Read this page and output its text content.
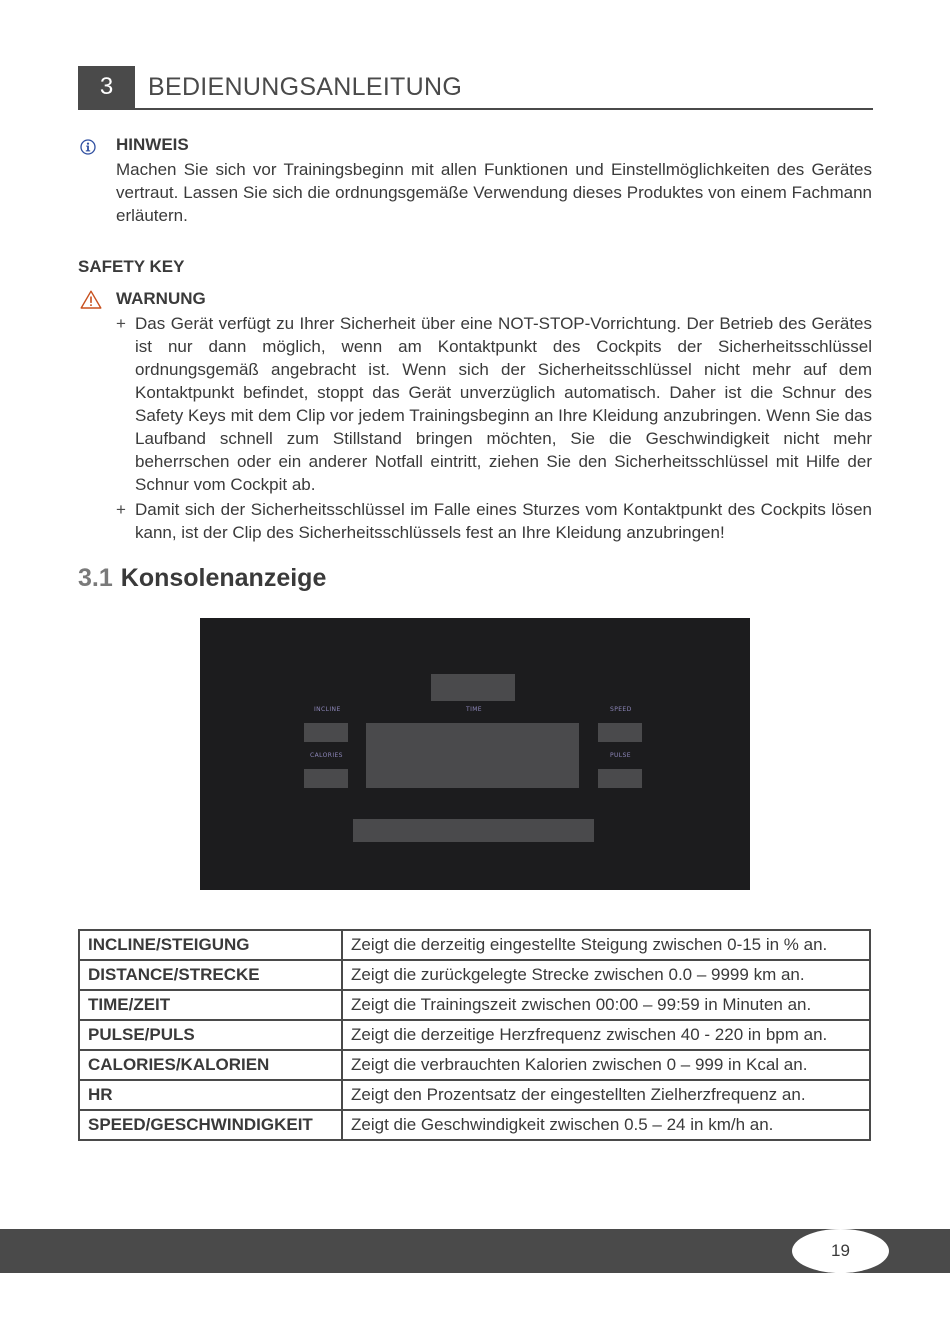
3	BEDIENUNGSANLEITUNG
HINWEIS
Machen Sie sich vor Trainingsbeginn mit allen Funktionen und Einstellmöglichkeiten des Gerätes vertraut. Lassen Sie sich die ordnungsgemäße Verwendung dieses Produktes von einem Fachmann erläutern.
SAFETY KEY
WARNUNG
+ Das Gerät verfügt zu Ihrer Sicherheit über eine NOT-STOP-Vorrichtung. Der Betrieb des Gerätes ist nur dann möglich, wenn am Kontaktpunkt des Cockpits der Sicherheitsschlüssel ordnungsgemäß angebracht ist. Wenn sich der Sicherheitsschlüssel nicht mehr auf dem Kontaktpunkt befindet, stoppt das Gerät unverzüglich automatisch. Daher ist die Schnur des Safety Keys mit dem Clip vor jedem Trainingsbeginn an Ihre Kleidung anzubringen. Wenn Sie das Laufband schnell zum Stillstand bringen möchten, Sie die Geschwindigkeit nicht mehr beherrschen oder ein anderer Notfall eintritt, ziehen Sie den Sicherheitsschlüssel mit Hilfe der Schnur vom Cockpit ab.
+ Damit sich der Sicherheitsschlüssel im Falle eines Sturzes vom Kontaktpunkt des Cockpits lösen kann, ist der Clip des Sicherheitsschlüssels fest an Ihre Kleidung anzubringen!
3.1 Konsolenanzeige
INCLINE	TIME	SPEED
CALORIES	PULSE
INCLINE/STEIGUNG	Zeigt die derzeitig eingestellte Steigung zwischen 0-15 in % an.
DISTANCE/STRECKE	Zeigt die zurückgelegte Strecke zwischen 0.0 – 9999 km an.
TIME/ZEIT	Zeigt die Trainingszeit zwischen 00:00 – 99:59 in Minuten an.
PULSE/PULS	Zeigt die derzeitige Herzfrequenz zwischen 40 - 220 in bpm an.
CALORIES/KALORIEN	Zeigt die verbrauchten Kalorien zwischen 0 – 999 in Kcal an.
HR	Zeigt den Prozentsatz der eingestellten Zielherzfrequenz an.
SPEED/GESCHWINDIGKEIT	Zeigt die Geschwindigkeit zwischen 0.5 – 24 in km/h an.
19
